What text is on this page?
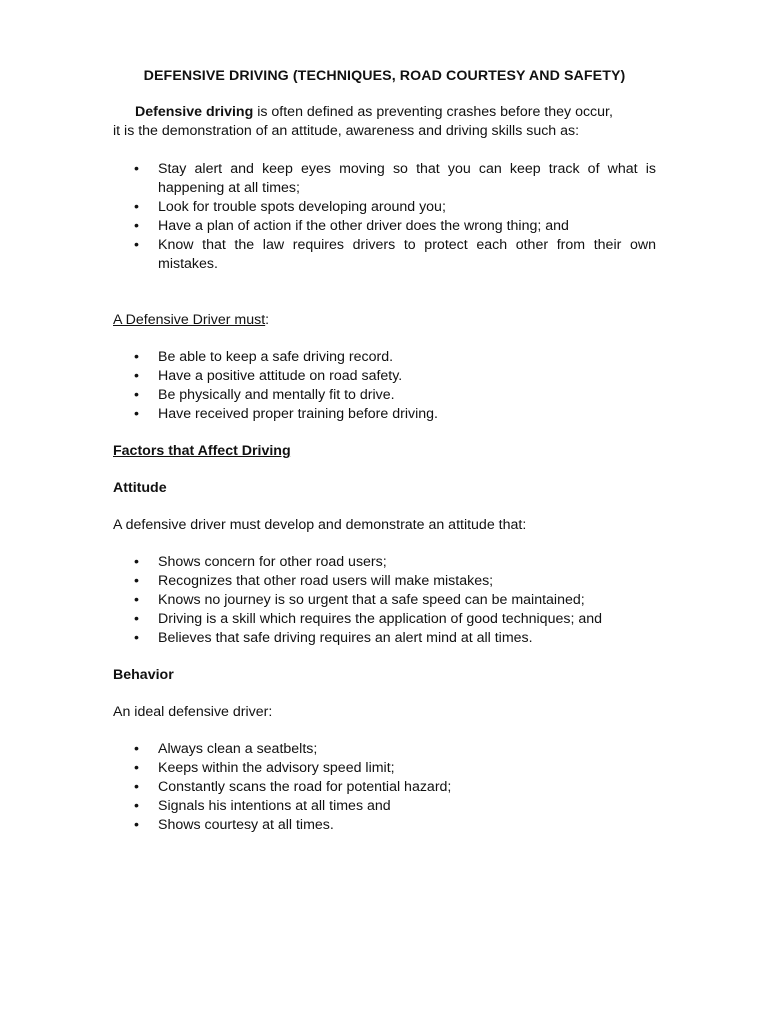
DEFENSIVE DRIVING (TECHNIQUES, ROAD COURTESY AND SAFETY)
Defensive driving is often defined as preventing crashes before they occur,
it is the demonstration of an attitude, awareness and driving skills such as:
• Stay alert and keep eyes moving so that you can keep track of what is happening at all times;
• Look for trouble spots developing around you;
• Have a plan of action if the other driver does the wrong thing; and
• Know that the law requires drivers to protect each other from their own mistakes.
A Defensive Driver must:
• Be able to keep a safe driving record.
• Have a positive attitude on road safety.
• Be physically and mentally fit to drive.
• Have received proper training before driving.
Factors that Affect Driving
Attitude
A defensive driver must develop and demonstrate an attitude that:
• Shows concern for other road users;
• Recognizes that other road users will make mistakes;
• Knows no journey is so urgent that a safe speed can be maintained;
• Driving is a skill which requires the application of good techniques; and
• Believes that safe driving requires an alert mind at all times.
Behavior
An ideal defensive driver:
• Always clean a seatbelts;
• Keeps within the advisory speed limit;
• Constantly scans the road for potential hazard;
• Signals his intentions at all times and
• Shows courtesy at all times.
